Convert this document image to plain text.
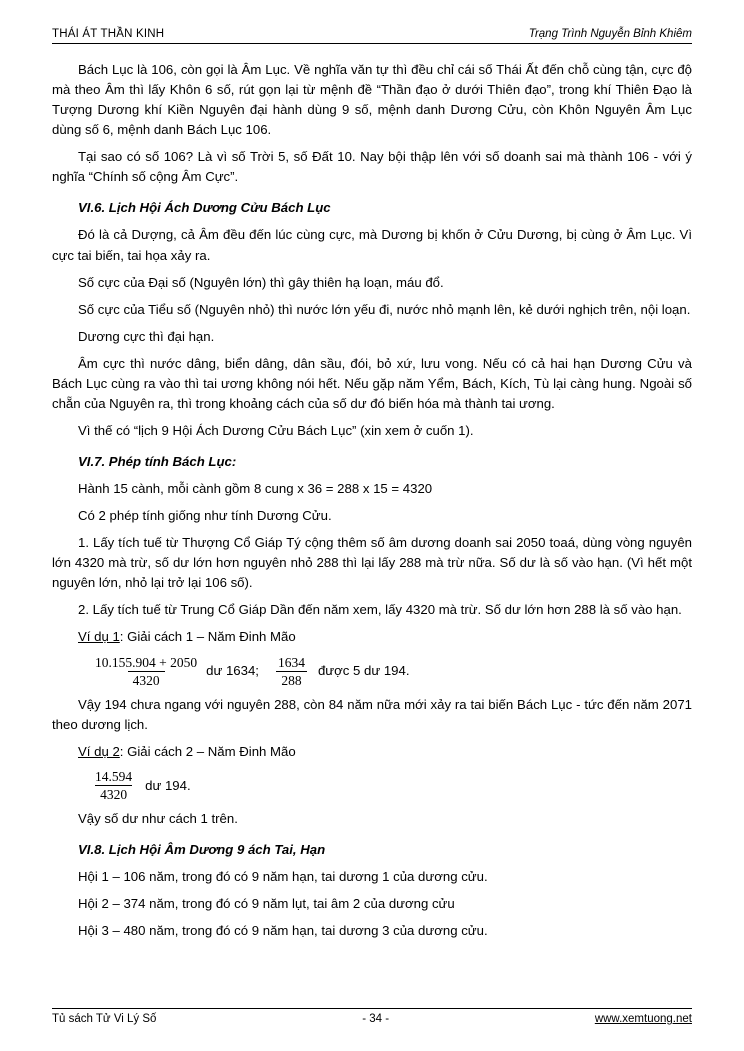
THÁI ÁT THẦN KINH	Trạng Trình Nguyễn Bỉnh Khiêm

Bách Lục là 106, còn gọi là Âm Lục. Về nghĩa văn tự thì đều chỉ cái số Thái Ất đến chỗ cùng tận, cực độ mà theo Âm thì lấy Khôn 6 số, rút gọn lại từ mệnh đề “Thần đạo ở dưới Thiên đạo”, trong khí Thiên Đạo là Tượng Dương khí Kiền Nguyên đại hành dùng 9 số, mệnh danh Dương Cửu, còn Khôn Nguyên Âm Lục dùng số 6, mệnh danh Bách Lục 106.

Tại sao có số 106? Là vì số Trời 5, số Đất 10. Nay bội thập lên với số doanh sai mà thành 106 - với ý nghĩa “Chính số cộng Âm Cực”.

VI.6. Lịch Hội Ách Dương Cửu Bách Lục

Đó là cả Dượng, cả Âm đều đến lúc cùng cực, mà Dương bị khốn ở Cửu Dương, bị cùng ở Âm Lục. Vì cực tai biến, tai họa xảy ra.

Số cực của Đại số (Nguyên lớn) thì gây thiên hạ loạn, máu đổ.

Số cực của Tiểu số (Nguyên nhỏ) thì nước lớn yếu đi, nước nhỏ mạnh lên, kẻ dưới nghịch trên, nội loạn.

Dương cực thì đại hạn.

Âm cực thì nước dâng, biển dâng, dân sầu, đói, bỏ xứ, lưu vong. Nếu có cả hai hạn Dương Cửu và Bách Lục cùng ra vào thì tai ương không nói hết. Nếu gặp năm Yểm, Bách, Kích, Tù lại càng hung. Ngoài số chẵn của Nguyên ra, thì trong khoảng cách của số dư đó biến hóa mà thành tai ương.

Vì thế có “lịch 9 Hội Ách Dương Cửu Bách Lục” (xin xem ở cuốn 1).

VI.7. Phép tính Bách Lục:

Hành 15 cành, mỗi cành gồm 8 cung x 36 = 288 x 15 = 4320

Có 2 phép tính giống như tính Dương Cửu.

1. Lấy tích tuế từ Thượng Cổ Giáp Tý cộng thêm số âm dương doanh sai 2050 toaá, dùng vòng nguyên lớn 4320 mà trừ, số dư lớn hơn nguyên nhỏ 288 thì lại lấy 288 mà trừ nữa. Số dư là số vào hạn. (Vì hết một nguyên lớn, nhỏ lại trở lại 106 số).

2. Lấy tích tuế từ Trung Cổ Giáp Dần đến năm xem, lấy 4320 mà trừ. Số dư lớn hơn 288 là số vào hạn.

Ví dụ 1: Giải cách 1 – Năm Đinh Mão

$\frac{10.155.904 + 2050}{4320}$ dư 1634; $\frac{1634}{288}$ được 5 dư 194.

Vậy 194 chưa ngang với nguyên 288, còn 84 năm nữa mới xảy ra tai biến Bách Lục - tức đến năm 2071 theo dương lịch.

Ví dụ 2: Giải cách 2 – Năm Đinh Mão

$\frac{14.594}{4320}$ dư 194.

Vậy số dư như cách 1 trên.

VI.8. Lịch Hội Âm Dương 9 ách Tai, Hạn

Hội 1 – 106 năm, trong đó có 9 năm hạn, tai dương 1 của dương cửu.

Hội 2 – 374 năm, trong đó có 9 năm lụt, tai âm 2 của dương cửu

Hội 3 – 480 năm, trong đó có 9 năm hạn, tai dương 3 của dương cửu.

Tủ sách Tử Vi Lý Số	- 34 -	www.xemtuong.net
